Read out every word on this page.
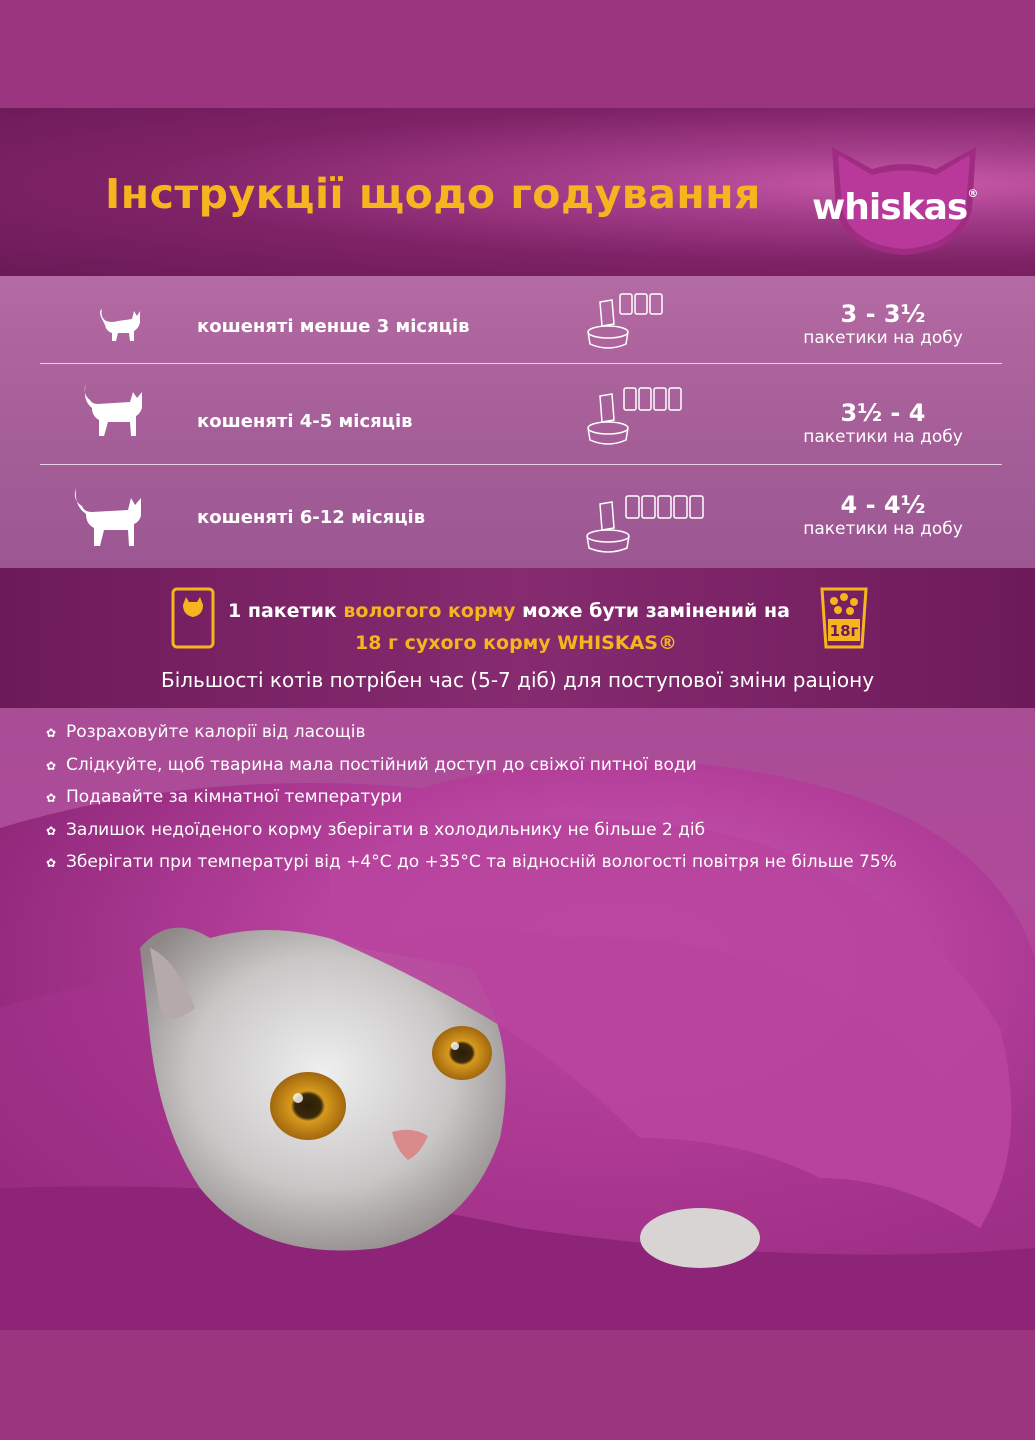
Інструкції щодо годування whiskas®
кошеняті менше 3 місяців	3 - 3½
пакетики на добу
кошеняті 4-5 місяців	3½ - 4
пакетики на добу
кошеняті 6-12 місяців	4 - 4½
пакетики на добу
1 пакетик вологого корму може бути замінений на
18 г сухого корму WHISKAS®
Більшості котів потрібен час (5-7 діб) для поступової зміни раціону
18г
✿ Розраховуйте калорії від ласощів
✿ Слідкуйте, щоб тварина мала постійний доступ до свіжої питної води
✿ Подавайте за кімнатної температури
✿ Залишок недоїденого корму зберігати в холодильнику не більше 2 діб
✿ Зберігати при температурі від +4°С до +35°С та відносній вологості повітря не більше 75%
